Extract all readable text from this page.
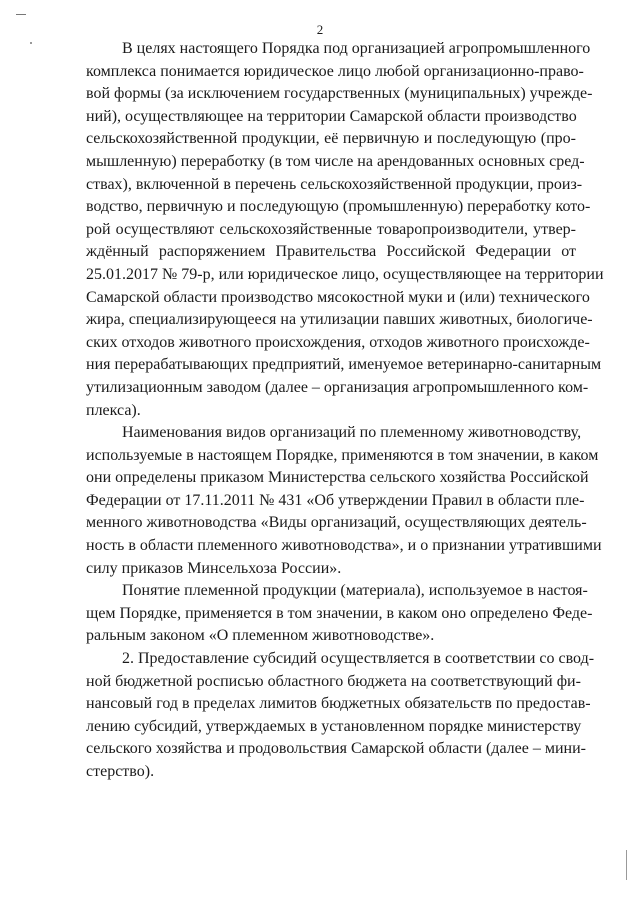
2
В целях настоящего Порядка под организацией агропромышленного
комплекса понимается юридическое лицо любой организационно-право-
вой формы (за исключением государственных (муниципальных) учрежде-
ний), осуществляющее на территории Самарской области производство
сельскохозяйственной продукции, её первичную и последующую (про-
мышленную) переработку (в том числе на арендованных основных сред-
ствах), включенной в перечень сельскохозяйственной продукции, произ-
водство, первичную и последующую (промышленную) переработку кото-
рой осуществляют сельскохозяйственные товаропроизводители, утвер-
ждённый распоряжением Правительства Российской Федерации от
25.01.2017 № 79-р, или юридическое лицо, осуществляющее на территории
Самарской области производство мясокостной муки и (или) технического
жира, специализирующееся на утилизации павших животных, биологиче-
ских отходов животного происхождения, отходов животного происхожде-
ния перерабатывающих предприятий, именуемое ветеринарно-санитарным
утилизационным заводом (далее – организация агропромышленного ком-
плекса).
Наименования видов организаций по племенному животноводству,
используемые в настоящем Порядке, применяются в том значении, в каком
они определены приказом Министерства сельского хозяйства Российской
Федерации от 17.11.2011 № 431 «Об утверждении Правил в области пле-
менного животноводства «Виды организаций, осуществляющих деятель-
ность в области племенного животноводства», и о признании утратившими
силу приказов Минсельхоза России».
Понятие племенной продукции (материала), используемое в настоя-
щем Порядке, применяется в том значении, в каком оно определено Феде-
ральным законом «О племенном животноводстве».
2. Предоставление субсидий осуществляется в соответствии со свод-
ной бюджетной росписью областного бюджета на соответствующий фи-
нансовый год в пределах лимитов бюджетных обязательств по предостав-
лению субсидий, утверждаемых в установленном порядке министерству
сельского хозяйства и продовольствия Самарской области (далее – мини-
стерство).
